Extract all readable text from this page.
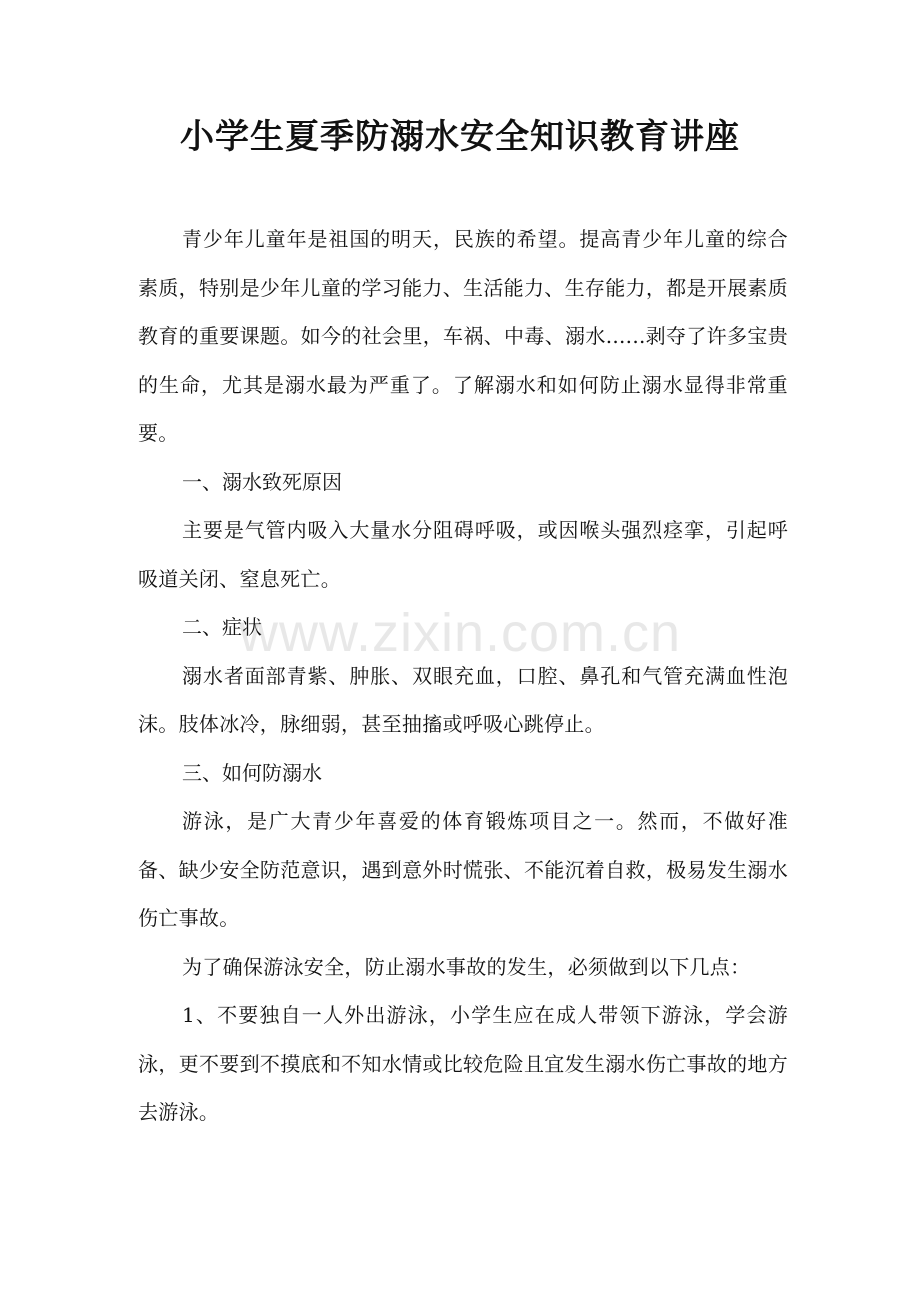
小学生夏季防溺水安全知识教育讲座

青少年儿童年是祖国的明天，民族的希望。提高青少年儿童的综合素质，特别是少年儿童的学习能力、生活能力、生存能力，都是开展素质教育的重要课题。如今的社会里，车祸、中毒、溺水......剥夺了许多宝贵的生命，尤其是溺水最为严重了。了解溺水和如何防止溺水显得非常重要。

一、溺水致死原因

主要是气管内吸入大量水分阻碍呼吸，或因喉头强烈痉挛，引起呼吸道关闭、窒息死亡。

二、症状

溺水者面部青紫、肿胀、双眼充血，口腔、鼻孔和气管充满血性泡沫。肢体冰冷，脉细弱，甚至抽搐或呼吸心跳停止。

三、如何防溺水

游泳，是广大青少年喜爱的体育锻炼项目之一。然而，不做好准备、缺少安全防范意识，遇到意外时慌张、不能沉着自救，极易发生溺水伤亡事故。

为了确保游泳安全，防止溺水事故的发生，必须做到以下几点：

1、不要独自一人外出游泳，小学生应在成人带领下游泳，学会游泳，更不要到不摸底和不知水情或比较危险且宜发生溺水伤亡事故的地方去游泳。

www.zixin.com.cn
